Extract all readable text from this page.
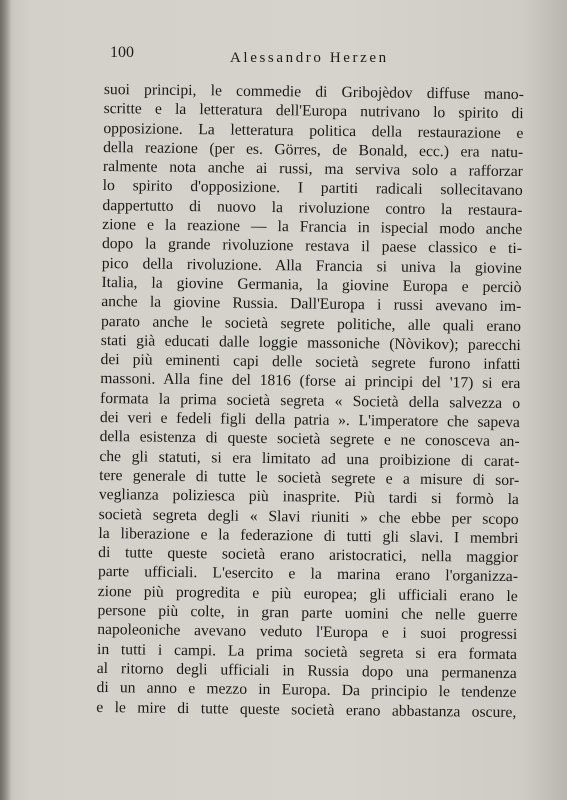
100	Alessandro Herzen
suoi principi, le commedie di Gribojèdov diffuse mano-
scritte e la letteratura dell'Europa nutrivano lo spirito di
opposizione. La letteratura politica della restaurazione e
della reazione (per es. Görres, de Bonald, ecc.) era natu-
ralmente nota anche ai russi, ma serviva solo a rafforzar
lo spirito d'opposizione. I partiti radicali sollecitavano
dappertutto di nuovo la rivoluzione contro la restaura-
zione e la reazione — la Francia in ispecial modo anche
dopo la grande rivoluzione restava il paese classico e ti-
pico della rivoluzione. Alla Francia si univa la giovine
Italia, la giovine Germania, la giovine Europa e perciò
anche la giovine Russia. Dall'Europa i russi avevano im-
parato anche le società segrete politiche, alle quali erano
stati già educati dalle loggie massoniche (Nòvikov); parecchi
dei più eminenti capi delle società segrete furono infatti
massoni. Alla fine del 1816 (forse ai principi del '17) si era
formata la prima società segreta « Società della salvezza o
dei veri e fedeli figli della patria ». L'imperatore che sapeva
della esistenza di queste società segrete e ne conosceva an-
che gli statuti, si era limitato ad una proibizione di carat-
tere generale di tutte le società segrete e a misure di sor-
veglianza poliziesca più inasprite. Più tardi si formò la
società segreta degli « Slavi riuniti » che ebbe per scopo
la liberazione e la federazione di tutti gli slavi. I membri
di tutte queste società erano aristocratici, nella maggior
parte ufficiali. L'esercito e la marina erano l'organizza-
zione più progredita e più europea; gli ufficiali erano le
persone più colte, in gran parte uomini che nelle guerre
napoleoniche avevano veduto l'Europa e i suoi progressi
in tutti i campi. La prima società segreta si era formata
al ritorno degli ufficiali in Russia dopo una permanenza
di un anno e mezzo in Europa. Da principio le tendenze
e le mire di tutte queste società erano abbastanza oscure,
